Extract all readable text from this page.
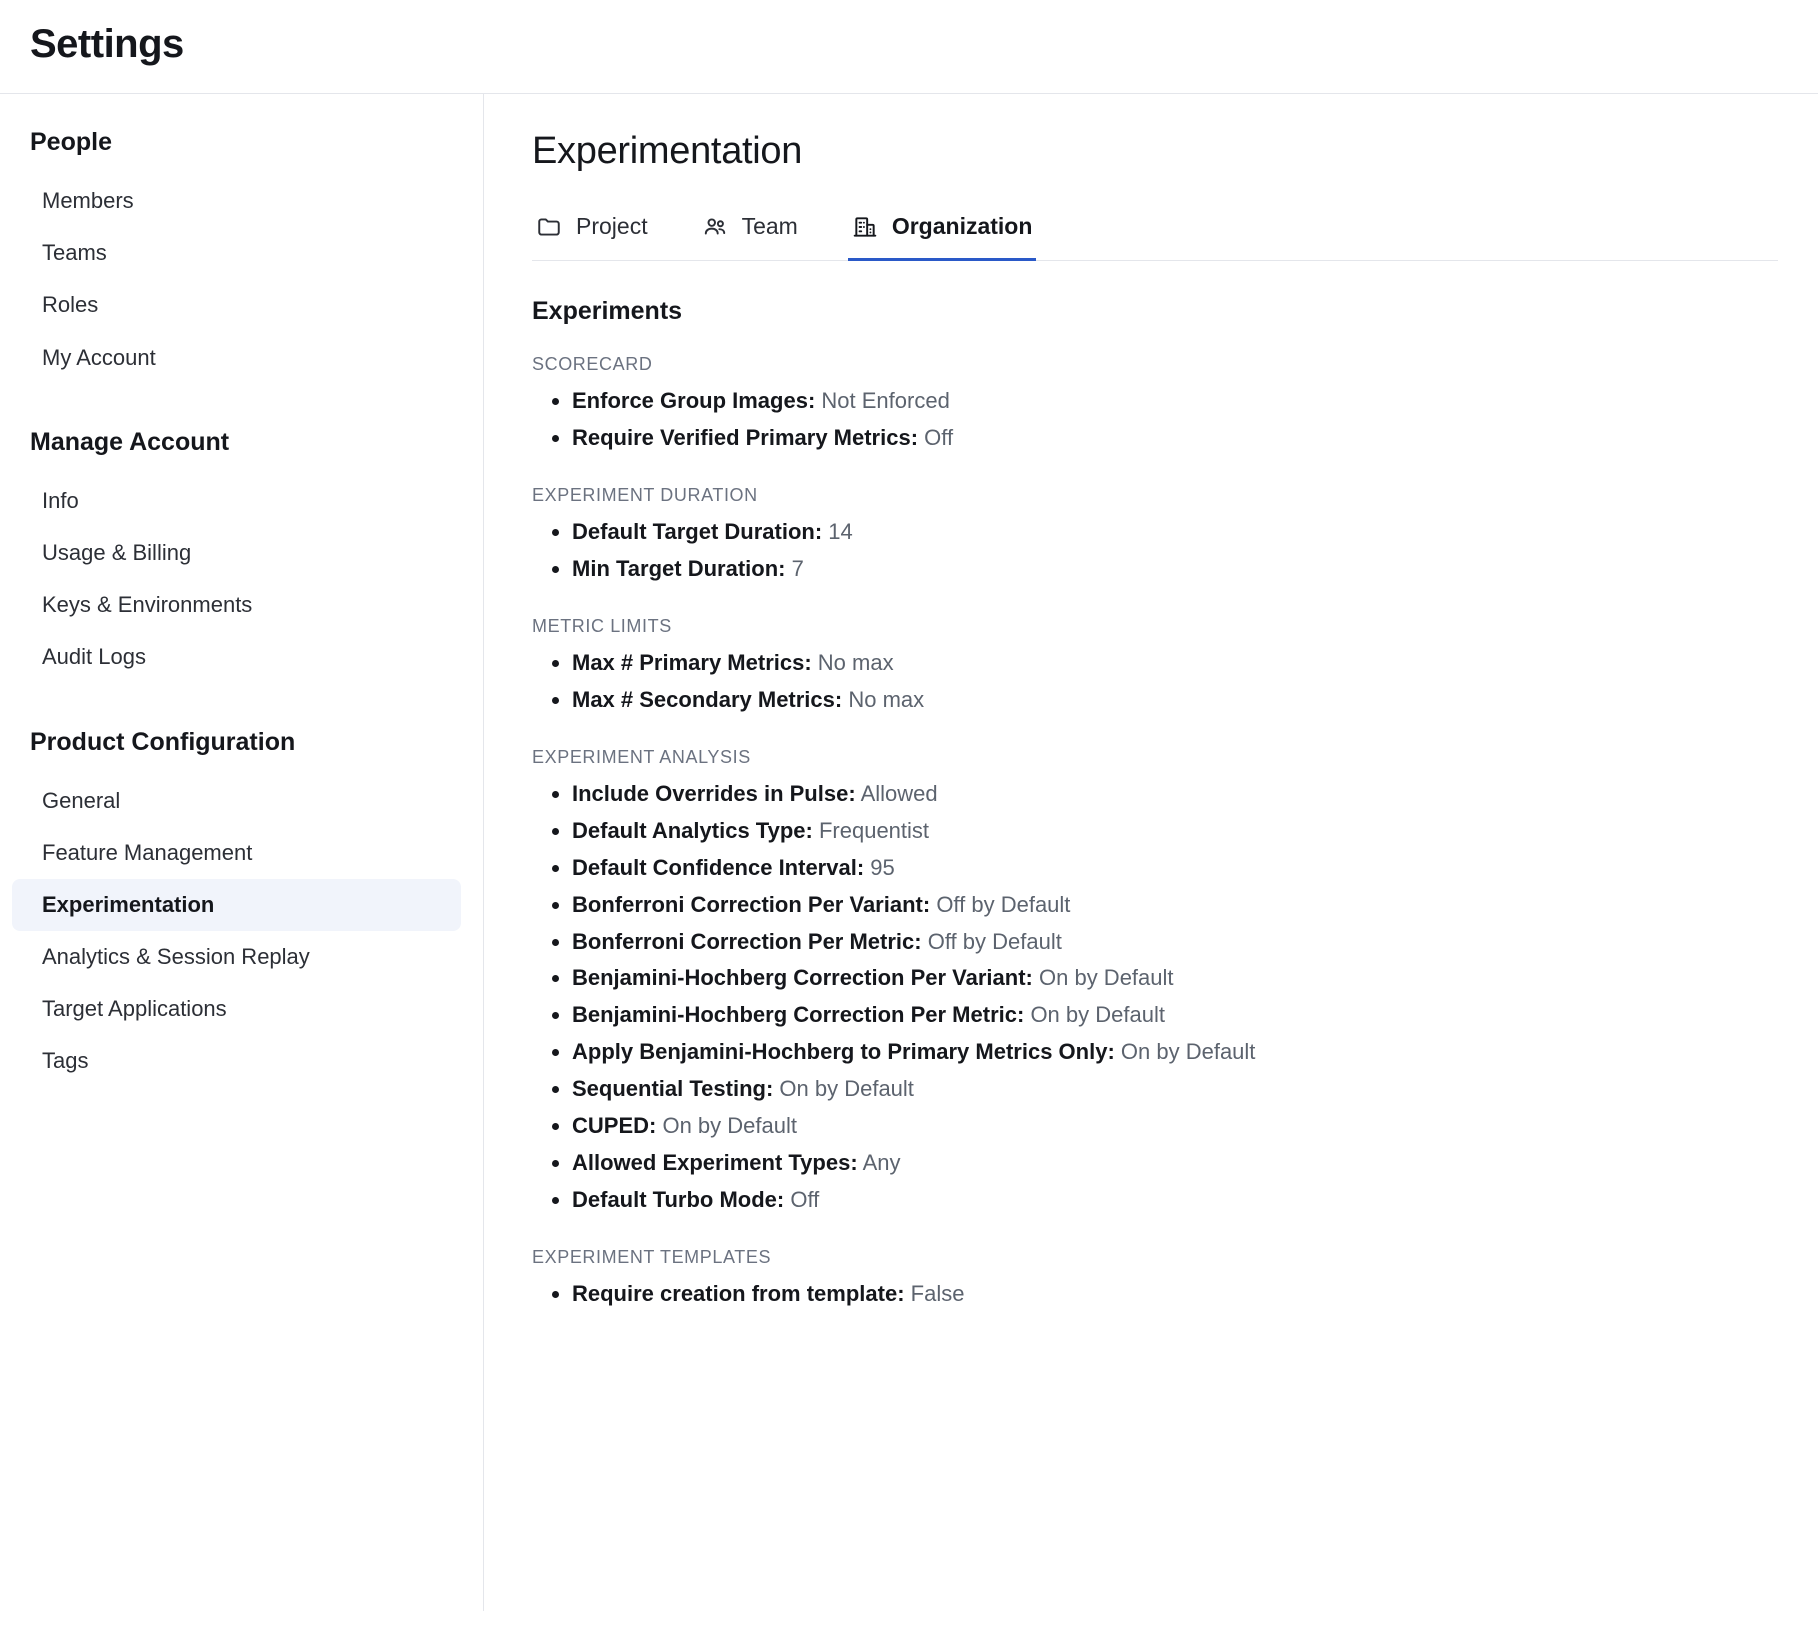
Settings
People
Members
Teams
Roles
My Account
Manage Account
Info
Usage & Billing
Keys & Environments
Audit Logs
Product Configuration
General
Feature Management
Experimentation
Analytics & Session Replay
Target Applications
Tags
Experimentation
Project	Team	Organization
Experiments
SCORECARD
• Enforce Group Images: Not Enforced
• Require Verified Primary Metrics: Off
EXPERIMENT DURATION
• Default Target Duration: 14
• Min Target Duration: 7
METRIC LIMITS
• Max # Primary Metrics: No max
• Max # Secondary Metrics: No max
EXPERIMENT ANALYSIS
• Include Overrides in Pulse: Allowed
• Default Analytics Type: Frequentist
• Default Confidence Interval: 95
• Bonferroni Correction Per Variant: Off by Default
• Bonferroni Correction Per Metric: Off by Default
• Benjamini-Hochberg Correction Per Variant: On by Default
• Benjamini-Hochberg Correction Per Metric: On by Default
• Apply Benjamini-Hochberg to Primary Metrics Only: On by Default
• Sequential Testing: On by Default
• CUPED: On by Default
• Allowed Experiment Types: Any
• Default Turbo Mode: Off
EXPERIMENT TEMPLATES
• Require creation from template: False
